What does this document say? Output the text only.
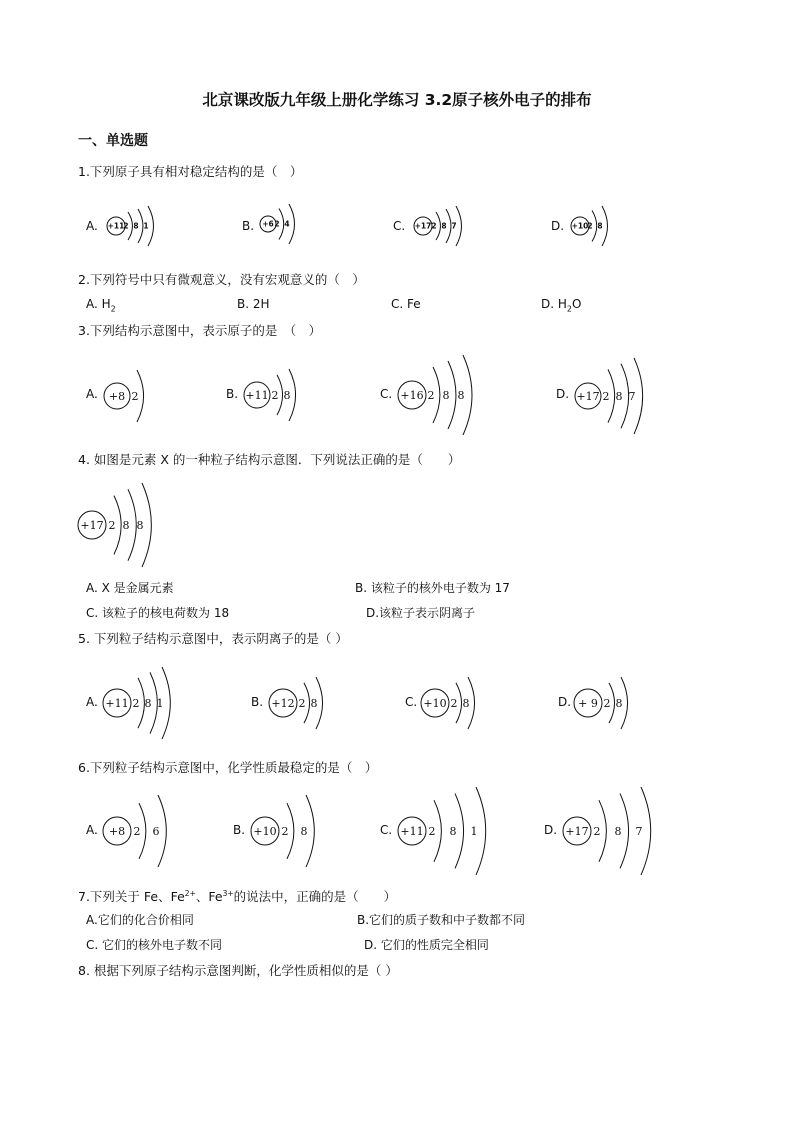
北京课改版九年级上册化学练习 3.2原子核外电子的排布
一、单选题
1.下列原子具有相对稳定结构的是（　）
A.	B.	C.	D.
+11 2 8 1	+6 2 4	+17 2 8 7	+10 2 8
2.下列符号中只有微观意义，没有宏观意义的（　）
A. $H_2$	B. 2H	C. Fe	D. $H_2O$
3.下列结构示意图中，表示原子的是　（　）
A.	B.	C.	D.
+8 2	+11 2 8	+16 2 8 8	+17 2 8 7
4. 如图是元素 X 的一种粒子结构示意图．下列说法正确的是（　　）
+17 2 8 8
A. X 是金属元素	B. 该粒子的核外电子数为 17
C. 该粒子的核电荷数为 18	D.该粒子表示阴离子
5. 下列粒子结构示意图中，表示阴离子的是（ ）
A.	B.	C.	D.
+11 2 8 1	+12 2 8	+10 2 8	+ 9 2 8
6.下列粒子结构示意图中，化学性质最稳定的是（　）
A.	B.	C.	D.
+8 2 6	+10 2 8	+11 2 8 1	+17 2 8 7
7.下列关于 Fe、$Fe^{2+}$、$Fe^{3+}$的说法中，正确的是（　　）
A.它们的化合价相同	B.它们的质子数和中子数都不同
C. 它们的核外电子数不同	D. 它们的性质完全相同
8. 根据下列原子结构示意图判断，化学性质相似的是（ ）
